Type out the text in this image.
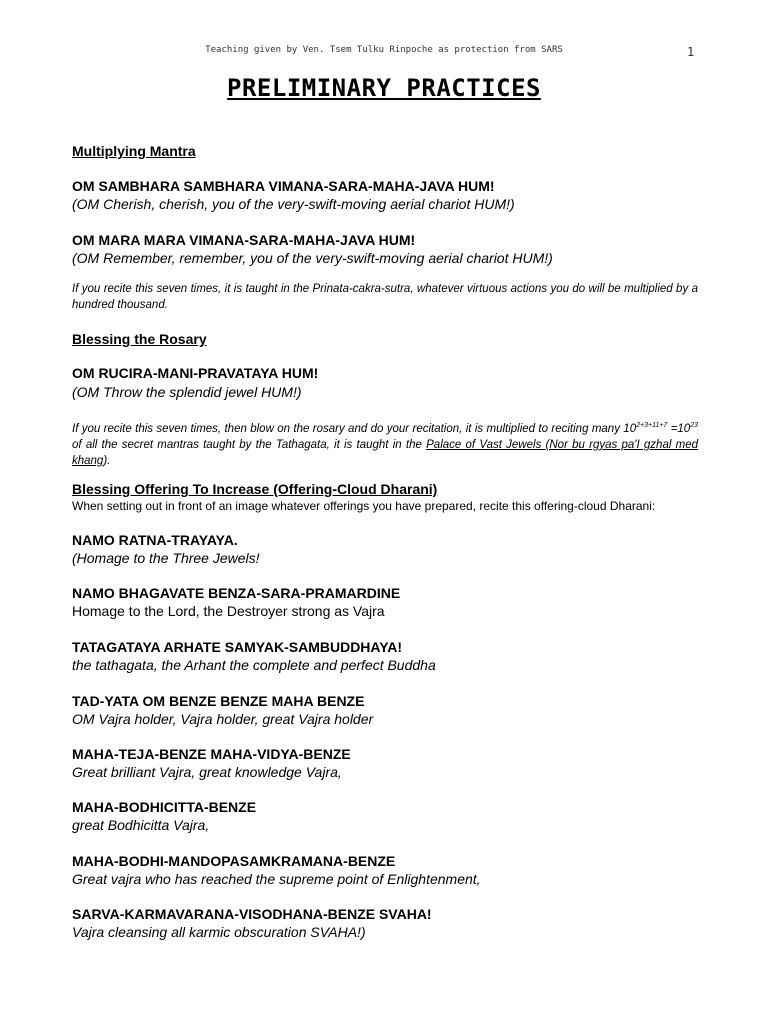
Teaching given by Ven. Tsem Tulku Rinpoche as protection from SARS	1
PRELIMINARY PRACTICES
Multiplying Mantra
OM SAMBHARA SAMBHARA VIMANA-SARA-MAHA-JAVA HUM!
(OM Cherish, cherish, you of the very-swift-moving aerial chariot HUM!)
OM MARA MARA VIMANA-SARA-MAHA-JAVA HUM!
(OM Remember, remember, you of the very-swift-moving aerial chariot HUM!)
If you recite this seven times, it is taught in the Prinata-cakra-sutra, whatever virtuous actions you do will be multiplied by a hundred thousand.
Blessing the Rosary
OM RUCIRA-MANI-PRAVATAYA HUM!
(OM Throw the splendid jewel HUM!)
If you recite this seven times, then blow on the rosary and do your recitation, it is multiplied to reciting many $10^{2+3+11+7} =10^{23}$ of all the secret mantras taught by the Tathagata, it is taught in the Palace of Vast Jewels (Nor bu rgyas pa'I gzhal med khang).
Blessing Offering To Increase (Offering-Cloud Dharani)
When setting out in front of an image whatever offerings you have prepared, recite this offering-cloud Dharani:
NAMO RATNA-TRAYAYA.
(Homage to the Three Jewels!
NAMO BHAGAVATE BENZA-SARA-PRAMARDINE
Homage to the Lord, the Destroyer strong as Vajra
TATAGATAYA ARHATE SAMYAK-SAMBUDDHAYA!
the tathagata, the Arhant the complete and perfect Buddha
TAD-YATA OM BENZE BENZE MAHA BENZE
OM Vajra holder, Vajra holder, great Vajra holder
MAHA-TEJA-BENZE MAHA-VIDYA-BENZE
Great brilliant Vajra, great knowledge Vajra,
MAHA-BODHICITTA-BENZE
great Bodhicitta Vajra,
MAHA-BODHI-MANDOPASAMKRAMANA-BENZE
Great vajra who has reached the supreme point of Enlightenment,
SARVA-KARMAVARANA-VISODHANA-BENZE SVAHA!
Vajra cleansing all karmic obscuration SVAHA!)
